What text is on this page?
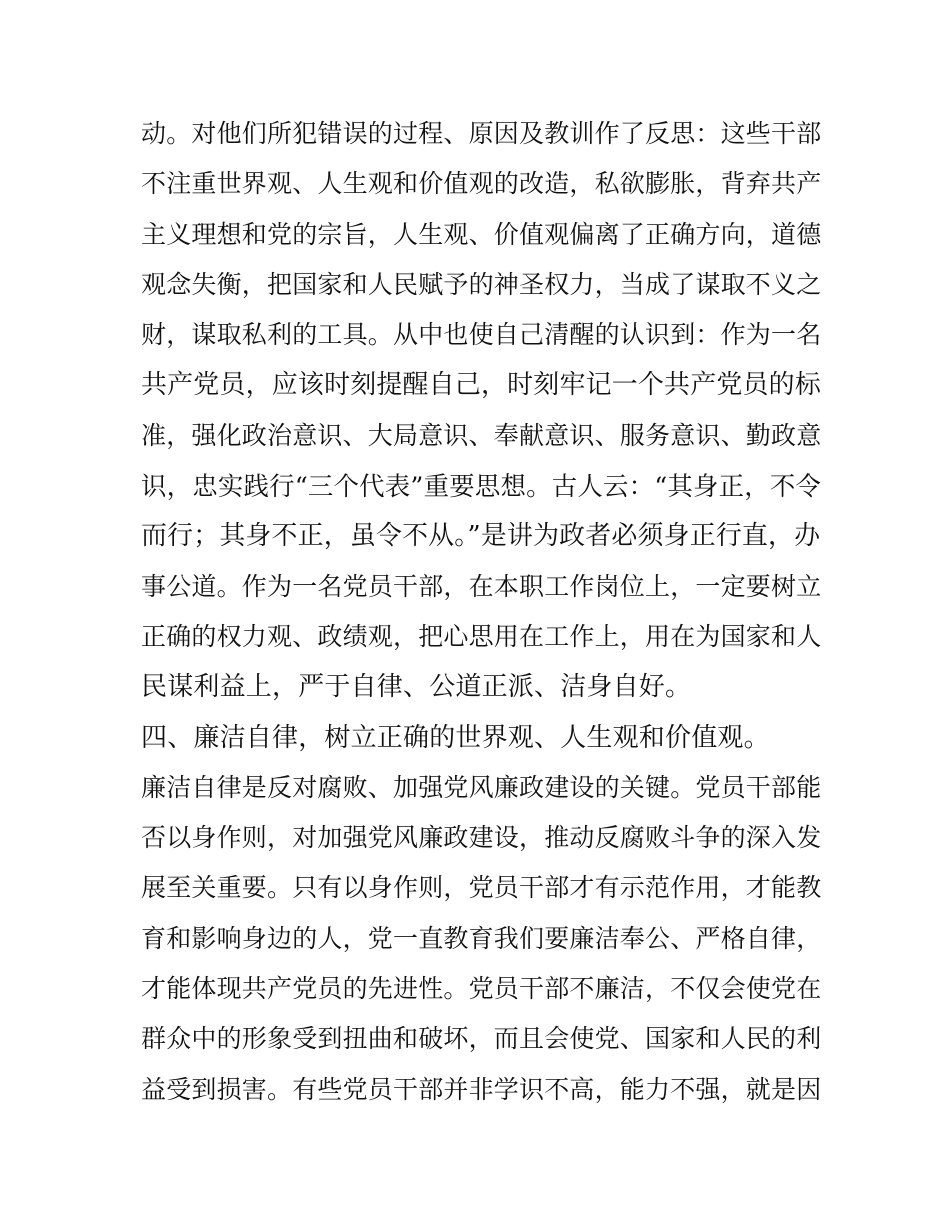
动。对他们所犯错误的过程、原因及教训作了反思：这些干部
不注重世界观、人生观和价值观的改造，私欲膨胀，背弃共产
主义理想和党的宗旨，人生观、价值观偏离了正确方向，道德
观念失衡，把国家和人民赋予的神圣权力，当成了谋取不义之
财，谋取私利的工具。从中也使自己清醒的认识到：作为一名
共产党员，应该时刻提醒自己，时刻牢记一个共产党员的标
准，强化政治意识、大局意识、奉献意识、服务意识、勤政意
识，忠实践行“三个代表”重要思想。古人云：“其身正，不令
而行；其身不正，虽令不从。”是讲为政者必须身正行直，办
事公道。作为一名党员干部，在本职工作岗位上，一定要树立
正确的权力观、政绩观，把心思用在工作上，用在为国家和人
民谋利益上，严于自律、公道正派、洁身自好。
四、廉洁自律，树立正确的世界观、人生观和价值观。
廉洁自律是反对腐败、加强党风廉政建设的关键。党员干部能
否以身作则，对加强党风廉政建设，推动反腐败斗争的深入发
展至关重要。只有以身作则，党员干部才有示范作用，才能教
育和影响身边的人，党一直教育我们要廉洁奉公、严格自律，
才能体现共产党员的先进性。党员干部不廉洁，不仅会使党在
群众中的形象受到扭曲和破坏，而且会使党、国家和人民的利
益受到损害。有些党员干部并非学识不高，能力不强，就是因
